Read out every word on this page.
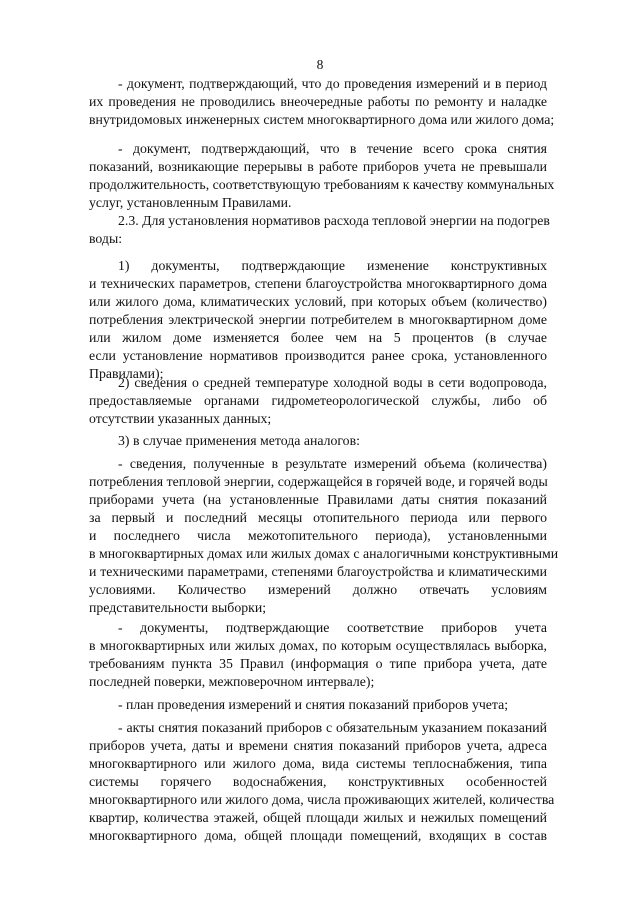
8
- документ, подтверждающий, что до проведения измерений и в период
их проведения не проводились внеочередные работы по ремонту и наладке
внутридомовых инженерных систем многоквартирного дома или жилого дома;
- документ, подтверждающий, что в течение всего срока снятия
показаний, возникающие перерывы в работе приборов учета не превышали
продолжительность, соответствующую требованиям к качеству коммунальных
услуг, установленным Правилами.
2.3. Для установления нормативов расхода тепловой энергии на подогрев
воды:
1) документы, подтверждающие изменение конструктивных
и технических параметров, степени благоустройства многоквартирного дома
или жилого дома, климатических условий, при которых объем (количество)
потребления электрической энергии потребителем в многоквартирном доме
или жилом доме изменяется более чем на 5 процентов (в случае
если установление нормативов производится ранее срока, установленного
Правилами);
2) сведения о средней температуре холодной воды в сети водопровода,
предоставляемые органами гидрометеорологической службы, либо об
отсутствии указанных данных;
3) в случае применения метода аналогов:
- сведения, полученные в результате измерений объема (количества)
потребления тепловой энергии, содержащейся в горячей воде, и горячей воды
приборами учета (на установленные Правилами даты снятия показаний
за первый и последний месяцы отопительного периода или первого
и последнего числа межотопительного периода), установленными
в многоквартирных домах или жилых домах с аналогичными конструктивными
и техническими параметрами, степенями благоустройства и климатическими
условиями. Количество измерений должно отвечать условиям
представительности выборки;
- документы, подтверждающие соответствие приборов учета
в многоквартирных или жилых домах, по которым осуществлялась выборка,
требованиям пункта 35 Правил (информация о типе прибора учета, дате
последней поверки, межповерочном интервале);
- план проведения измерений и снятия показаний приборов учета;
- акты снятия показаний приборов с обязательным указанием показаний
приборов учета, даты и времени снятия показаний приборов учета, адреса
многоквартирного или жилого дома, вида системы теплоснабжения, типа
системы горячего водоснабжения, конструктивных особенностей
многоквартирного или жилого дома, числа проживающих жителей, количества
квартир, количества этажей, общей площади жилых и нежилых помещений
многоквартирного дома, общей площади помещений, входящих в состав
